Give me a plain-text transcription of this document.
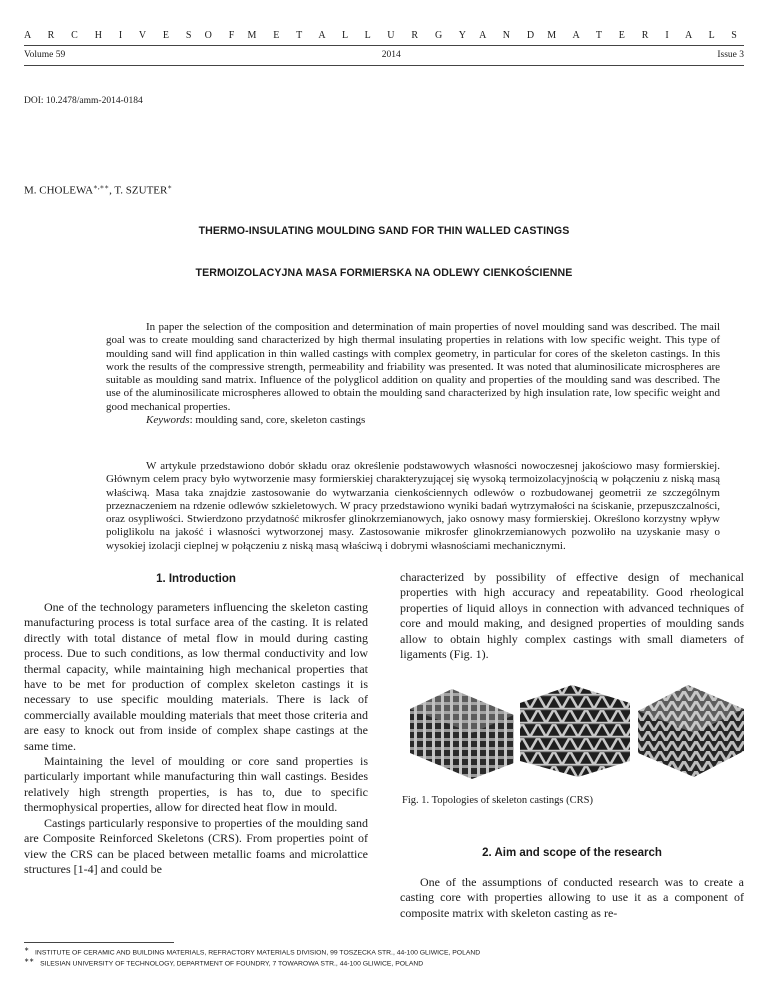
A R C H I V E S O F M E T A L L U R G Y A N D M A T E R I A L S
Volume 59	2014	Issue 3
DOI: 10.2478/amm-2014-0184
M. CHOLEWA∗,∗∗, T. SZUTER∗
THERMO-INSULATING MOULDING SAND FOR THIN WALLED CASTINGS
TERMOIZOLACYJNA MASA FORMIERSKA NA ODLEWY CIENKOŚCIENNE

In paper the selection of the composition and determination of main properties of novel moulding sand was described. The mail goal was to create moulding sand characterized by high thermal insulating properties in relations with low specific weight. This type of moulding sand will find application in thin walled castings with complex geometry, in particular for cores of the skeleton castings. In this work the results of the compressive strength, permeability and friability was presented. It was noted that aluminosilicate microspheres are suitable as moulding sand matrix. Influence of the polyglicol addition on quality and properties of the moulding sand was described. The use of the aluminosilicate microspheres allowed to obtain the moulding sand characterized by high insulation rate, low specific weight and good mechanical properties.

Keywords: moulding sand, core, skeleton castings

W artykule przedstawiono dobór składu oraz określenie podstawowych własności nowoczesnej jakościowo masy formierskiej. Głównym celem pracy było wytworzenie masy formierskiej charakteryzującej się wysoką termoizolacyjnością w połączeniu z niską masą właściwą. Masa taka znajdzie zastosowanie do wytwarzania cienkościennych odlewów o rozbudowanej geometrii ze szczególnym przeznaczeniem na rdzenie odlewów szkieletowych. W pracy przedstawiono wyniki badań wytrzymałości na ściskanie, przepuszczalności, oraz osypliwości. Stwierdzono przydatność mikrosfer glinokrzemianowych, jako osnowy masy formierskiej. Określono korzystny wpływ poliglikolu na jakość i własności wytworzonej masy. Zastosowanie mikrosfer glinokrzemianowych pozwoliło na uzyskanie masy o wysokiej izolacji cieplnej w połączeniu z niską masą właściwą i dobrymi własnościami mechanicznymi.

1. Introduction

One of the technology parameters influencing the skeleton casting manufacturing process is total surface area of the casting. It is related directly with total distance of metal flow in mould during casting process. Due to such conditions, as low thermal conductivity and low thermal capacity, while maintaining high mechanical properties that have to be met for production of complex skeleton castings it is necessary to use specific moulding materials. There is lack of commercially available moulding materials that meet those criteria and are easy to knock out from inside of complex shape castings at the same time.

Maintaining the level of moulding or core sand properties is particularly important while manufacturing thin wall castings. Besides relatively high strength properties, is has to, due to specific thermophysical properties, allow for directed heat flow in mould.

Castings particularly responsive to properties of the moulding sand are Composite Reinforced Skeletons (CRS). From properties point of view the CRS can be placed between metallic foams and microlattice structures [1-4] and could be

characterized by possibility of effective design of mechanical properties with high accuracy and repeatability. Good rheological properties of liquid alloys in connection with advanced techniques of core and mould making, and designed properties of moulding sands allow to obtain highly complex castings with small diameters of ligaments (Fig. 1).

Fig. 1. Topologies of skeleton castings (CRS)
2. Aim and scope of the research

One of the assumptions of conducted research was to create a casting core with properties allowing to use it as a component of composite matrix with skeleton casting as re-

∗ INSTITUTE OF CERAMIC AND BUILDING MATERIALS, REFRACTORY MATERIALS DIVISION, 99 TOSZECKA STR., 44-100 GLIWICE, POLAND
∗∗ SILESIAN UNIVERSITY OF TECHNOLOGY, DEPARTMENT OF FOUNDRY, 7 TOWAROWA STR., 44-100 GLIWICE, POLAND
